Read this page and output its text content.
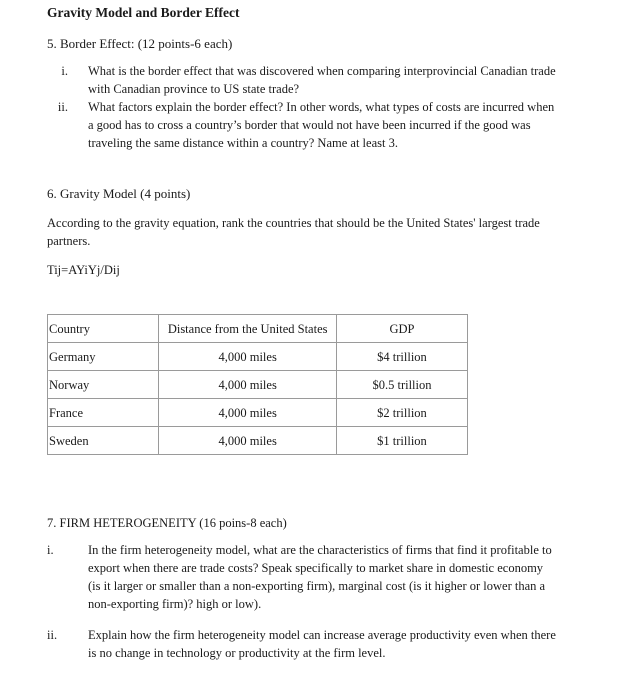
Gravity Model and Border Effect
5. Border Effect: (12 points-6 each)
i. What is the border effect that was discovered when comparing interprovincial Canadian trade with Canadian province to US state trade?
ii. What factors explain the border effect? In other words, what types of costs are incurred when a good has to cross a country’s border that would not have been incurred if the good was traveling the same distance within a country? Name at least 3.
6. Gravity Model (4 points)
According to the gravity equation, rank the countries that should be the United States' largest trade partners.
Tij=AYiYj/Dij
Country	Distance from the United States	GDP
Germany	4,000 miles	$4 trillion
Norway	4,000 miles	$0.5 trillion
France	4,000 miles	$2 trillion
Sweden	4,000 miles	$1 trillion
7. FIRM HETEROGENEITY (16 poins-8 each)
i.	In the firm heterogeneity model, what are the characteristics of firms that find it profitable to export when there are trade costs? Speak specifically to market share in domestic economy (is it larger or smaller than a non-exporting firm), marginal cost (is it higher or lower than a non-exporting firm)? high or low).
ii. Explain how the firm heterogeneity model can increase average productivity even when there is no change in technology or productivity at the firm level.
